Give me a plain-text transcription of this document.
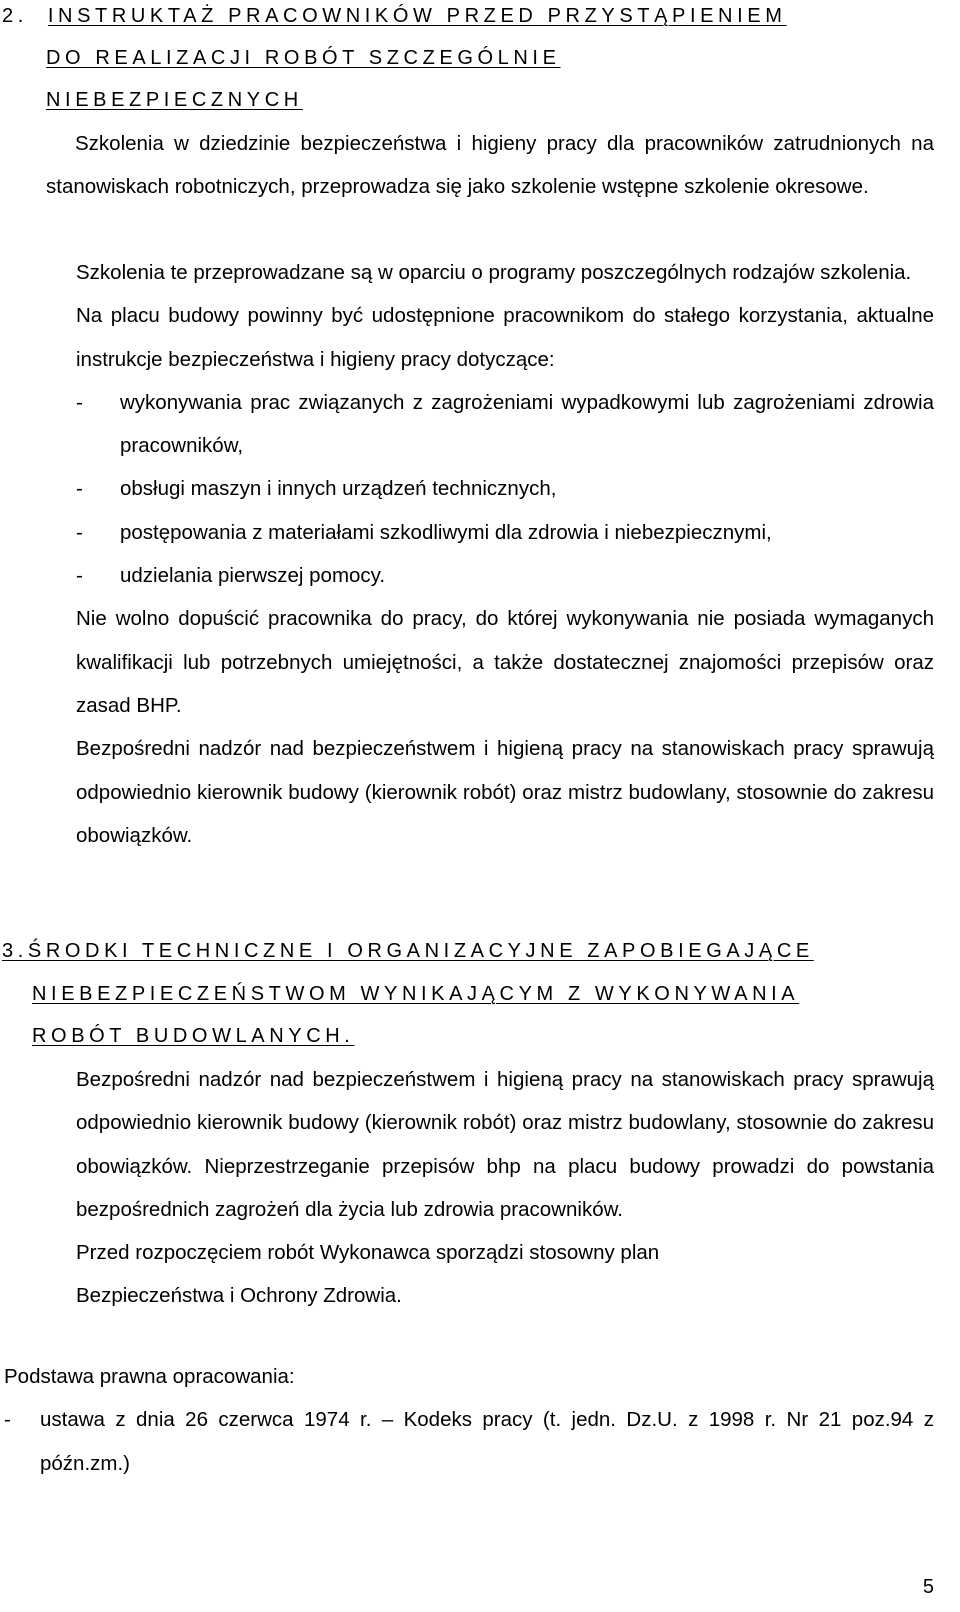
2. INSTRUKTAŻ PRACOWNIKÓW PRZED PRZYSTĄPIENIEM
DO REALIZACJI ROBÓT SZCZEGÓLNIE
NIEBEZPIECZNYCH

Szkolenia w dziedzinie bezpieczeństwa i higieny pracy dla pracowników zatrudnionych na stanowiskach robotniczych, przeprowadza się jako szkolenie wstępne szkolenie okresowe.

Szkolenia te przeprowadzane są w oparciu o programy poszczególnych rodzajów szkolenia.

Na placu budowy powinny być udostępnione pracownikom do stałego korzystania, aktualne instrukcje bezpieczeństwa i higieny pracy dotyczące:

- wykonywania prac związanych z zagrożeniami wypadkowymi lub zagrożeniami zdrowia pracowników,
- obsługi maszyn i innych urządzeń technicznych,
- postępowania z materiałami szkodliwymi dla zdrowia i niebezpiecznymi,
- udzielania pierwszej pomocy.

Nie wolno dopuścić pracownika do pracy, do której wykonywania nie posiada wymaganych kwalifikacji lub potrzebnych umiejętności, a także dostatecznej znajomości przepisów oraz zasad BHP.

Bezpośredni nadzór nad bezpieczeństwem i higieną pracy na stanowiskach pracy sprawują odpowiednio kierownik budowy (kierownik robót) oraz mistrz budowlany, stosownie do zakresu obowiązków.

3.ŚRODKI TECHNICZNE I ORGANIZACYJNE ZAPOBIEGAJĄCE
NIEBEZPIECZEŃSTWOM WYNIKAJĄCYM Z WYKONYWANIA
ROBÓT BUDOWLANYCH.

Bezpośredni nadzór nad bezpieczeństwem i higieną pracy na stanowiskach pracy sprawują odpowiednio kierownik budowy (kierownik robót) oraz mistrz budowlany, stosownie do zakresu obowiązków. Nieprzestrzeganie przepisów bhp na placu budowy prowadzi do powstania bezpośrednich zagrożeń dla życia lub zdrowia pracowników.

Przed rozpoczęciem robót Wykonawca sporządzi stosowny plan

Bezpieczeństwa i Ochrony Zdrowia.

Podstawa prawna opracowania:

- ustawa z dnia 26 czerwca 1974 r. – Kodeks pracy (t. jedn. Dz.U. z 1998 r. Nr 21 poz.94 z późn.zm.)
5
